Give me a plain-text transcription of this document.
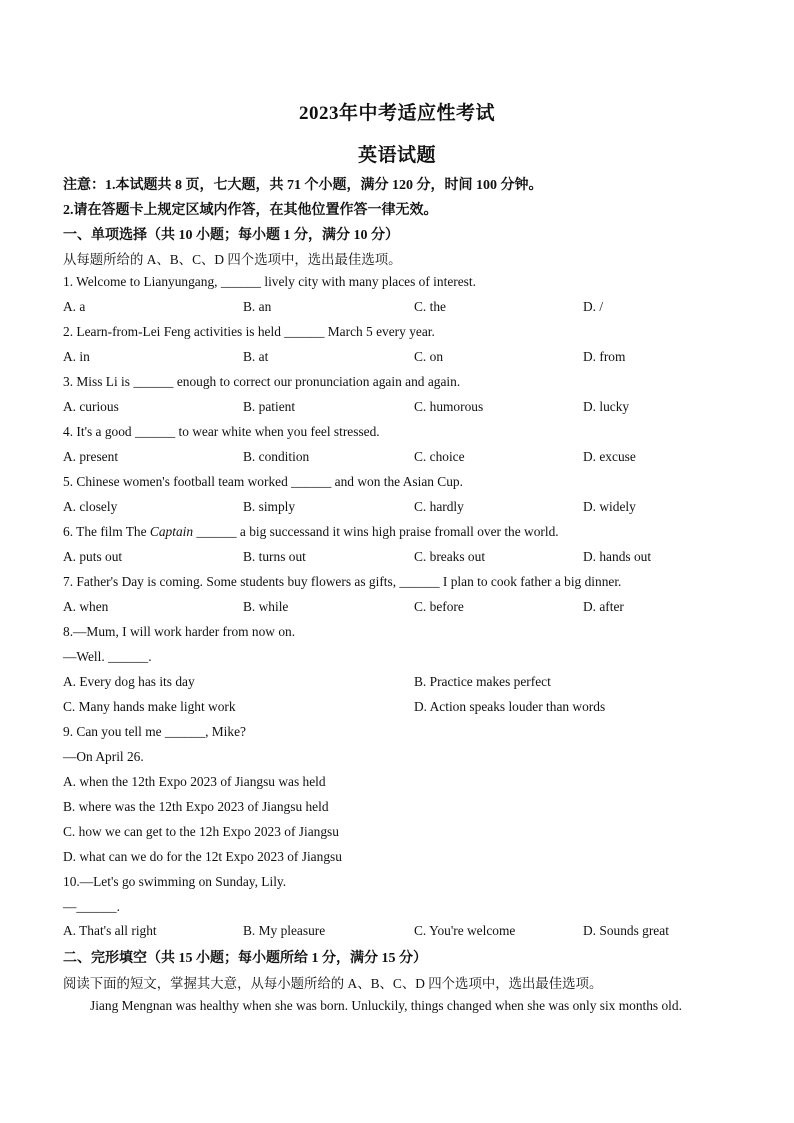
2023年中考适应性考试
英语试题
注意：1.本试题共 8 页，七大题，共 71 个小题，满分 120 分，时间 100 分钟。
2.请在答题卡上规定区域内作答，在其他位置作答一律无效。
一、单项选择（共 10 小题；每小题 1 分，满分 10 分）
从每题所给的 A、B、C、D 四个选项中，选出最佳选项。
1. Welcome to Lianyungang, ______ lively city with many places of interest.
A. a	B. an	C. the	D. /
2. Learn-from-Lei Feng activities is held ______ March 5 every year.
A. in	B. at	C. on	D. from
3. Miss Li is ______ enough to correct our pronunciation again and again.
A. curious	B. patient	C. humorous	D. lucky
4. It's a good ______ to wear white when you feel stressed.
A. present	B. condition	C. choice	D. excuse
5. Chinese women's football team worked ______ and won the Asian Cup.
A. closely	B. simply	C. hardly	D. widely
6. The film The Captain ______ a big successand it wins high praise fromall over the world.
A. puts out	B. turns out	C. breaks out	D. hands out
7. Father's Day is coming. Some students buy flowers as gifts, ______ I plan to cook father a big dinner.
A. when	B. while	C. before	D. after
8.—Mum, I will work harder from now on.
—Well. ______.
A. Every dog has its day	B. Practice makes perfect
C. Many hands make light work	D. Action speaks louder than words
9. Can you tell me ______, Mike?
—On April 26.
A. when the 12th Expo 2023 of Jiangsu was held
B. where was the 12th Expo 2023 of Jiangsu held
C. how we can get to the 12h Expo 2023 of Jiangsu
D. what can we do for the 12t Expo 2023 of Jiangsu
10.—Let's go swimming on Sunday, Lily.
—______.
A. That's all right	B. My pleasure	C. You're welcome	D. Sounds great
二、完形填空（共 15 小题；每小题所给 1 分，满分 15 分）
阅读下面的短文，掌握其大意，从每小题所给的 A、B、C、D 四个选项中，选出最佳选项。
Jiang Mengnan was healthy when she was born. Unluckily, things changed when she was only six months old.
